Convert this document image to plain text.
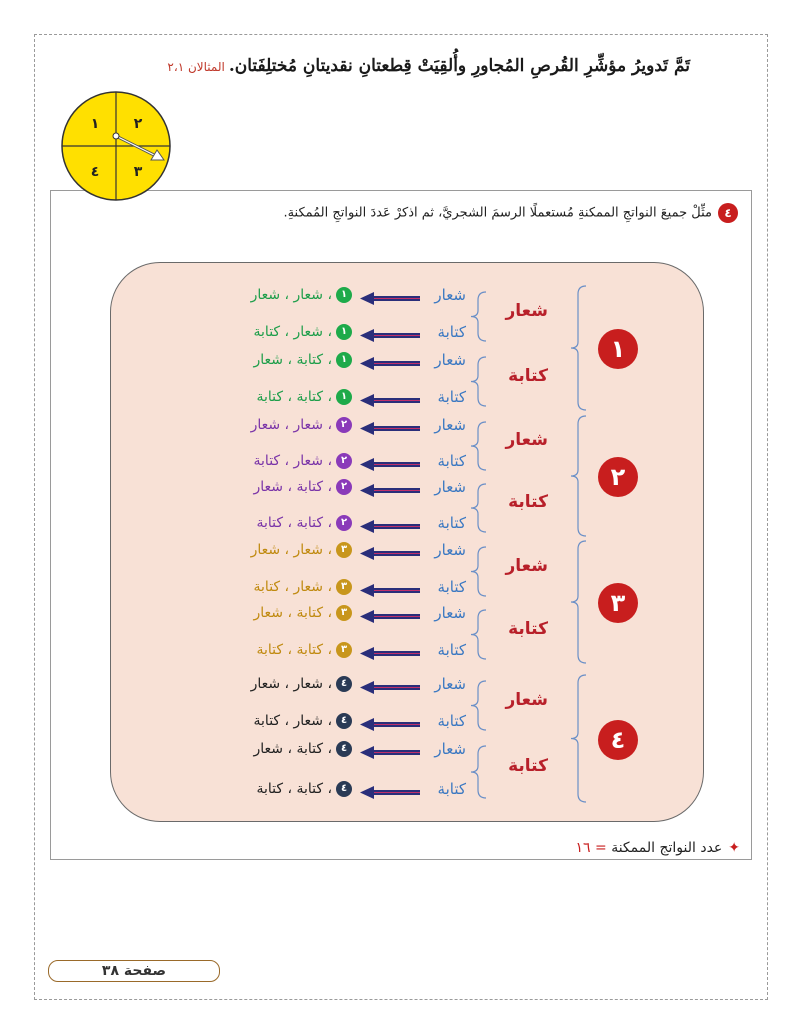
تَمَّ تَدويرُ مؤشِّرِ القُرصِ المُجاورِ وأُلقِيَتْ قِطعتانِ نقديتانِ مُختلِفَتان.المثالان ٢،١
١ ٢
٤ ٣
٤مثِّلْ جميعَ النواتجِ الممكنةِ مُستعملًا الرسمَ الشجريَّ، ثم اذكرْ عَددَ النواتجِ المُمكنةِ.
١
شعار
شعار
١، شعار ، شعار
كتابة
١، شعار ، كتابة
كتابة
شعار
١، كتابة ، شعار
كتابة
١، كتابة ، كتابة
٢
شعار
شعار
٢، شعار ، شعار
كتابة
٢، شعار ، كتابة
كتابة
شعار
٢، كتابة ، شعار
كتابة
٢، كتابة ، كتابة
٣
شعار
شعار
٣، شعار ، شعار
كتابة
٣، شعار ، كتابة
كتابة
شعار
٣، كتابة ، شعار
كتابة
٣، كتابة ، كتابة
٤
شعار
شعار
٤، شعار ، شعار
كتابة
٤، شعار ، كتابة
كتابة
شعار
٤، كتابة ، شعار
كتابة
٤، كتابة ، كتابة
✦عدد النواتج الممكنة = ١٦
صفحة ٣٨
